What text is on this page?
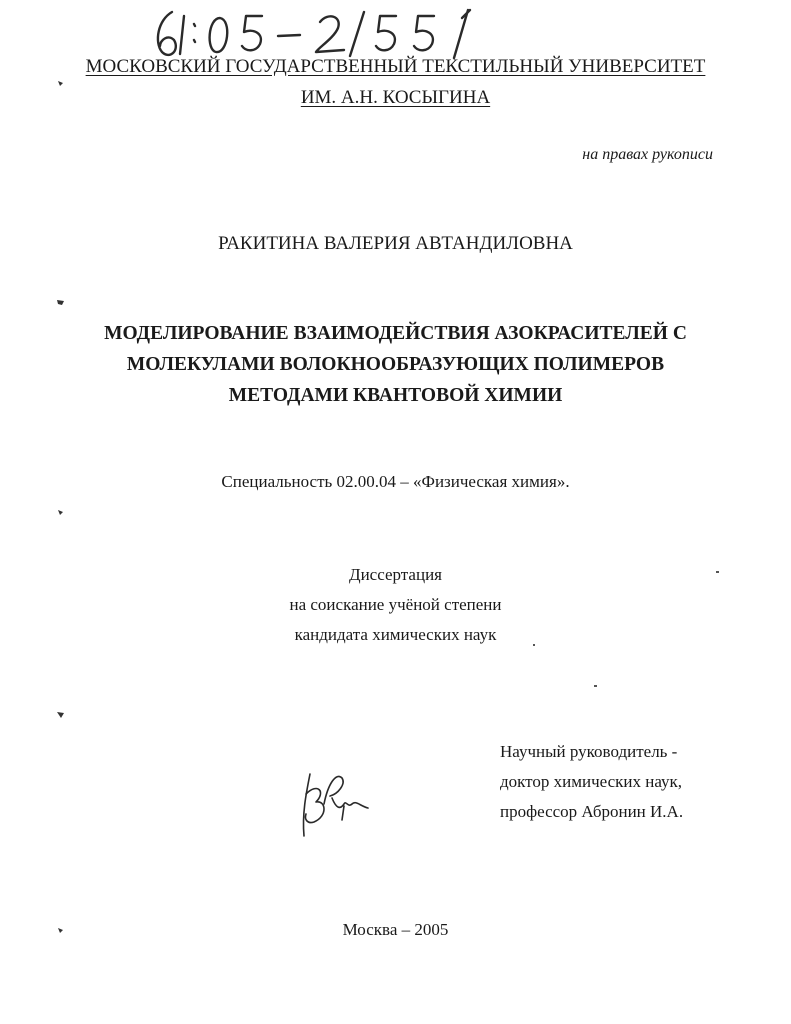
МОСКОВСКИЙ ГОСУДАРСТВЕННЫЙ ТЕКСТИЛЬНЫЙ УНИВЕРСИТЕТ
ИМ. А.Н. КОСЫГИНА
на правах рукописи
РАКИТИНА ВАЛЕРИЯ АВТАНДИЛОВНА
МОДЕЛИРОВАНИЕ ВЗАИМОДЕЙСТВИЯ АЗОКРАСИТЕЛЕЙ С
МОЛЕКУЛАМИ ВОЛОКНООБРАЗУЮЩИХ ПОЛИМЕРОВ
МЕТОДАМИ КВАНТОВОЙ ХИМИИ
Специальность 02.00.04 – «Физическая химия».
Диссертация
на соискание учёной степени
кандидата химических наук
Научный руководитель -
доктор химических наук,
профессор Абронин И.А.
Москва – 2005
